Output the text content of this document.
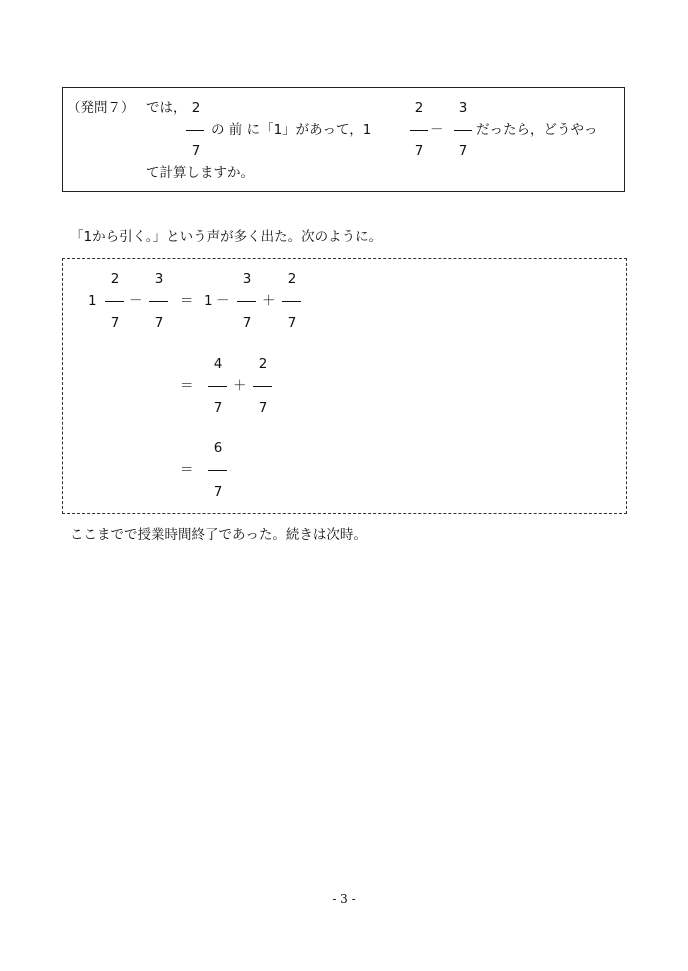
（発問７） では， 2
7
の 前 に「1」があって，1
2
7
－
3
7
だったら，どうやっ
て計算しますか。
「1から引く。」という声が多く出た。次のように。
1
2
7
－
3
7
＝ 1 －
3
7
＋
2
7
＝
4
7
＋
2
7
＝
6
7
ここまでで授業時間終了であった。続きは次時。
- 3 -
